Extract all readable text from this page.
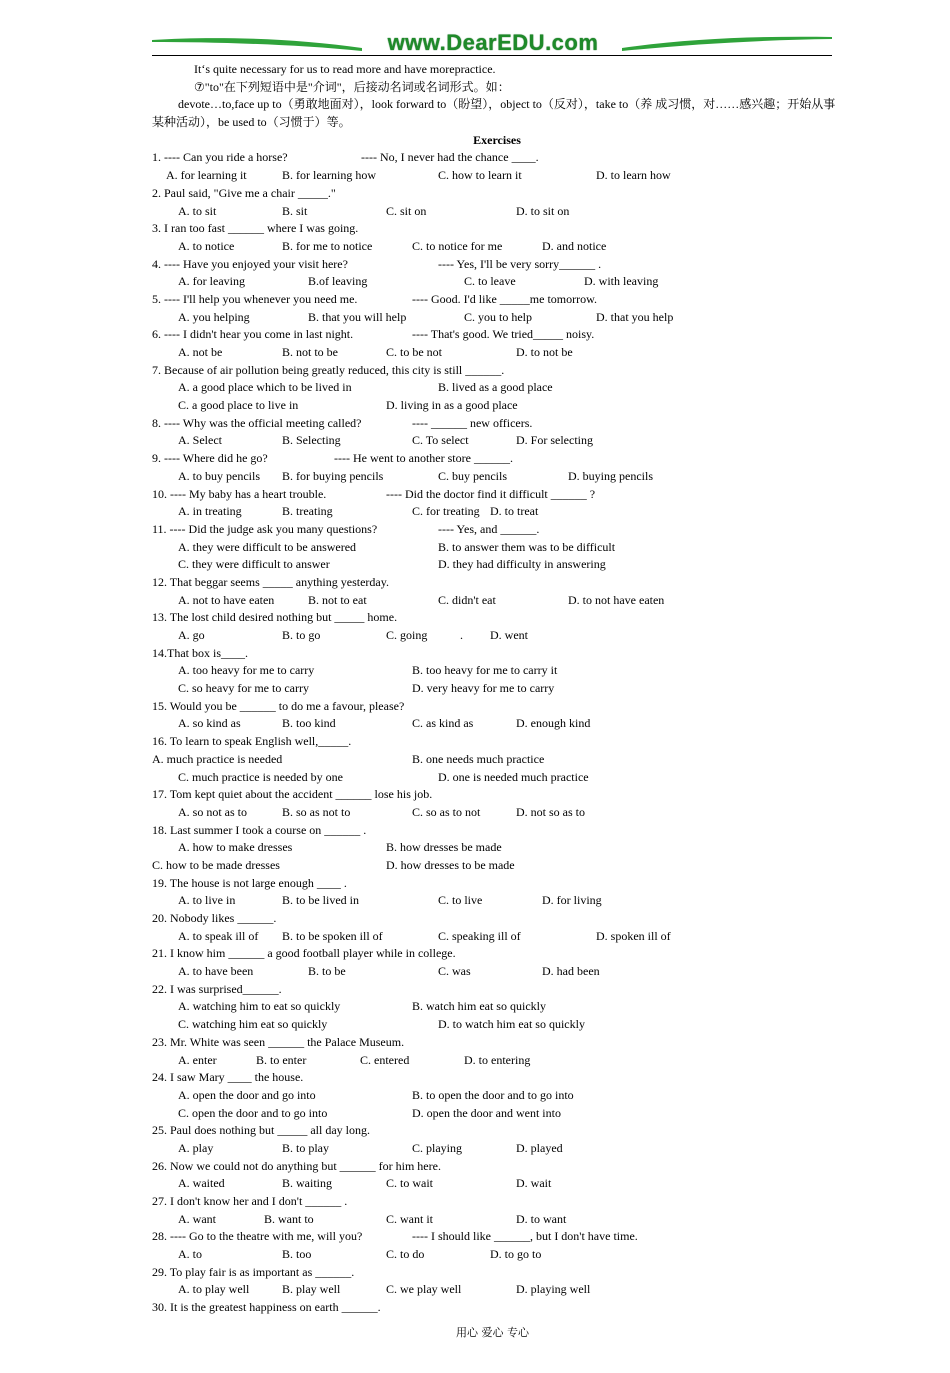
www.DearEDU.com
It‘s quite necessary for us to read more and have morepractice.
⑦"to"在下列短语中是"介词"，后接动名词或名词形式。如：
devote…to,face up to（勇敢地面对），look forward to（盼望），object to（反对），take to（养 成习惯，对……感兴趣；开始从事某种活动），be used to（习惯于）等。
Exercises
1. ---- Can you ride a horse?	---- No, I never had the chance ____.
A. for learning it	B. for learning how	C. how to learn it	D. to learn how
2. Paul said, "Give me a chair _____."
A. to sit	B. sit	C. sit on	D. to sit on
3. I ran too fast ______ where I was going.
A. to notice	B. for me to notice	C. to notice for me	D. and notice
4. ---- Have you enjoyed your visit here?	---- Yes, I'll be very sorry______ .
A. for leaving	B.of leaving	C. to leave	D. with leaving
5. ---- I'll help you whenever you need me.	---- Good. I'd like _____me tomorrow.
A. you helping	B. that you will help	C. you to help	D. that you help
6. ---- I didn't hear you come in last night.	---- That's good. We tried_____ noisy.
A. not be	B. not to be	C. to be not	D. to not be
7. Because of air pollution being greatly reduced, this city is still ______.
A. a good place which to be lived in	B. lived as a good place
C. a good place to live in	D. living in as a good place
8. ---- Why was the official meeting called?	---- ______ new officers.
A. Select	B. Selecting	C. To select	D. For selecting
9. ---- Where did he go?	---- He went to another store ______.
A. to buy pencils B. for buying pencils	C. buy pencils	D. buying pencils
10. ---- My baby has a heart trouble.	---- Did the doctor find it difficult ______ ?
A. in treating	B. treating	C. for treating D. to treat
11. ---- Did the judge ask you many questions?	---- Yes, and ______.
A. they were difficult to be answered	B. to answer them was to be difficult
C. they were difficult to answer	D. they had difficulty in answering
12. That beggar seems _____ anything yesterday.
A. not to have eaten	B. not to eat	C. didn't eat	D. to not have eaten
13. The lost child desired nothing but _____ home.
A. go	B. to go	C. going	. D. went
14.That box is____.
A. too heavy for me to carry	B. too heavy for me to carry it
C. so heavy for me to carry	D. very heavy for me to carry
15. Would you be ______ to do me a favour, please?
A. so kind as	B. too kind	C. as kind as	D. enough kind
16. To learn to speak English well,_____.
A. much practice is needed	B. one needs much practice
C. much practice is needed by one	D. one is needed much practice
17. Tom kept quiet about the accident ______ lose his job.
A. so not as to	B. so as not to	C. so as to not	D. not so as to
18. Last summer I took a course on ______ .
A. how to make dresses	B. how dresses be made
C. how to be made dresses	D. how dresses to be made
19. The house is not large enough ____ .
A. to live in	B. to be lived in	C. to live	D. for living
20. Nobody likes ______.
A. to speak ill of B. to be spoken ill of	C. speaking ill of	D. spoken ill of
21. I know him ______ a good football player while in college.
A. to have been	B. to be	C. was	D. had been
22. I was surprised______.
A. watching him to eat so quickly	B. watch him eat so quickly
C. watching him eat so quickly	D. to watch him eat so quickly
23. Mr. White was seen ______ the Palace Museum.
A. enter	B. to enter	C. entered	D. to entering
24. I saw Mary ____ the house.
A. open the door and go into	B. to open the door and to go into
C. open the door and to go into	D. open the door and went into
25. Paul does nothing but _____ all day long.
A. play	B. to play	C. playing	D. played
26. Now we could not do anything but ______ for him here.
A. waited	B. waiting	C. to wait	D. wait
27. I don't know her and I don't ______ .
A. want	B. want to	C. want it	D. to want
28. ---- Go to the theatre with me, will you?	---- I should like ______, but I don't have time.
A. to	B. too	C. to do	D. to go to
29. To play fair is as important as ______.
A. to play well	B. play well	C. we play well	D. playing well
30. It is the greatest happiness on earth ______.
用心 爱心 专心
